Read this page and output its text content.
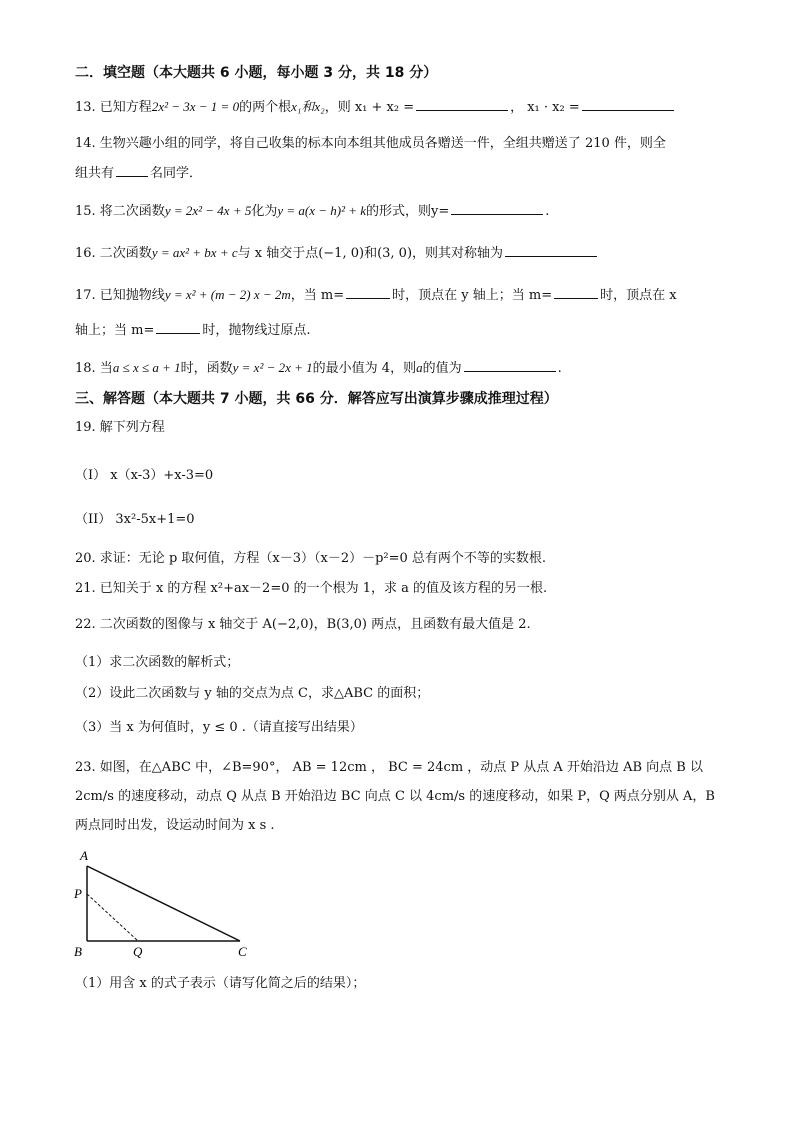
二．填空题（本大题共 6 小题，每小题 3 分，共 18 分）
13. 已知方程2x² − 3x − 1 = 0的两个根x₁和x₂，则 x₁ + x₂ =	， x₁ · x₂ =
14. 生物兴趣小组的同学，将自己收集的标本向本组其他成员各赠送一件，全组共赠送了 210 件，则全
组共有	名同学．
15. 将二次函数y = 2x² − 4x + 5化为y = a(x − h)² + k的形式，则y=	.
16. 二次函数y = ax² + bx + c与 x 轴交于点(−1, 0)和(3, 0)，则其对称轴为
17. 已知抛物线y = x² + (m − 2) x − 2m，当 m=	时，顶点在 y 轴上；当 m=	时，顶点在 x
轴上；当 m=	时，抛物线过原点.
18. 当a ≤ x ≤ a + 1时，函数y = x² − 2x + 1的最小值为 4，则a的值为	.
三、解答题（本大题共 7 小题，共 66 分．解答应写出演算步骤成推理过程）
19. 解下列方程
（I） x（x-3）+x-3=0
（II） 3x²-5x+1=0
20. 求证：无论 p 取何值，方程（x－3）（x－2）－p²=0 总有两个不等的实数根.
21. 已知关于 x 的方程 x²+ax－2=0 的一个根为 1，求 a 的值及该方程的另一根.
22. 二次函数的图像与 x 轴交于 A(−2,0)，B(3,0) 两点，且函数有最大值是 2.
（1）求二次函数的解析式；
（2）设此二次函数与 y 轴的交点为点 C，求△ABC 的面积；
（3）当 x 为何值时，y ≤ 0 .（请直接写出结果）
23. 如图，在△ABC 中，∠B=90°， AB = 12cm ， BC = 24cm ，动点 P 从点 A 开始沿边 AB 向点 B 以
2cm/s 的速度移动，动点 Q 从点 B 开始沿边 BC 向点 C 以 4cm/s 的速度移动，如果 P，Q 两点分别从 A，B
两点同时出发，设运动时间为 x s .
A
P
B	Q	C
（1）用含 x 的式子表示（请写化简之后的结果）；
